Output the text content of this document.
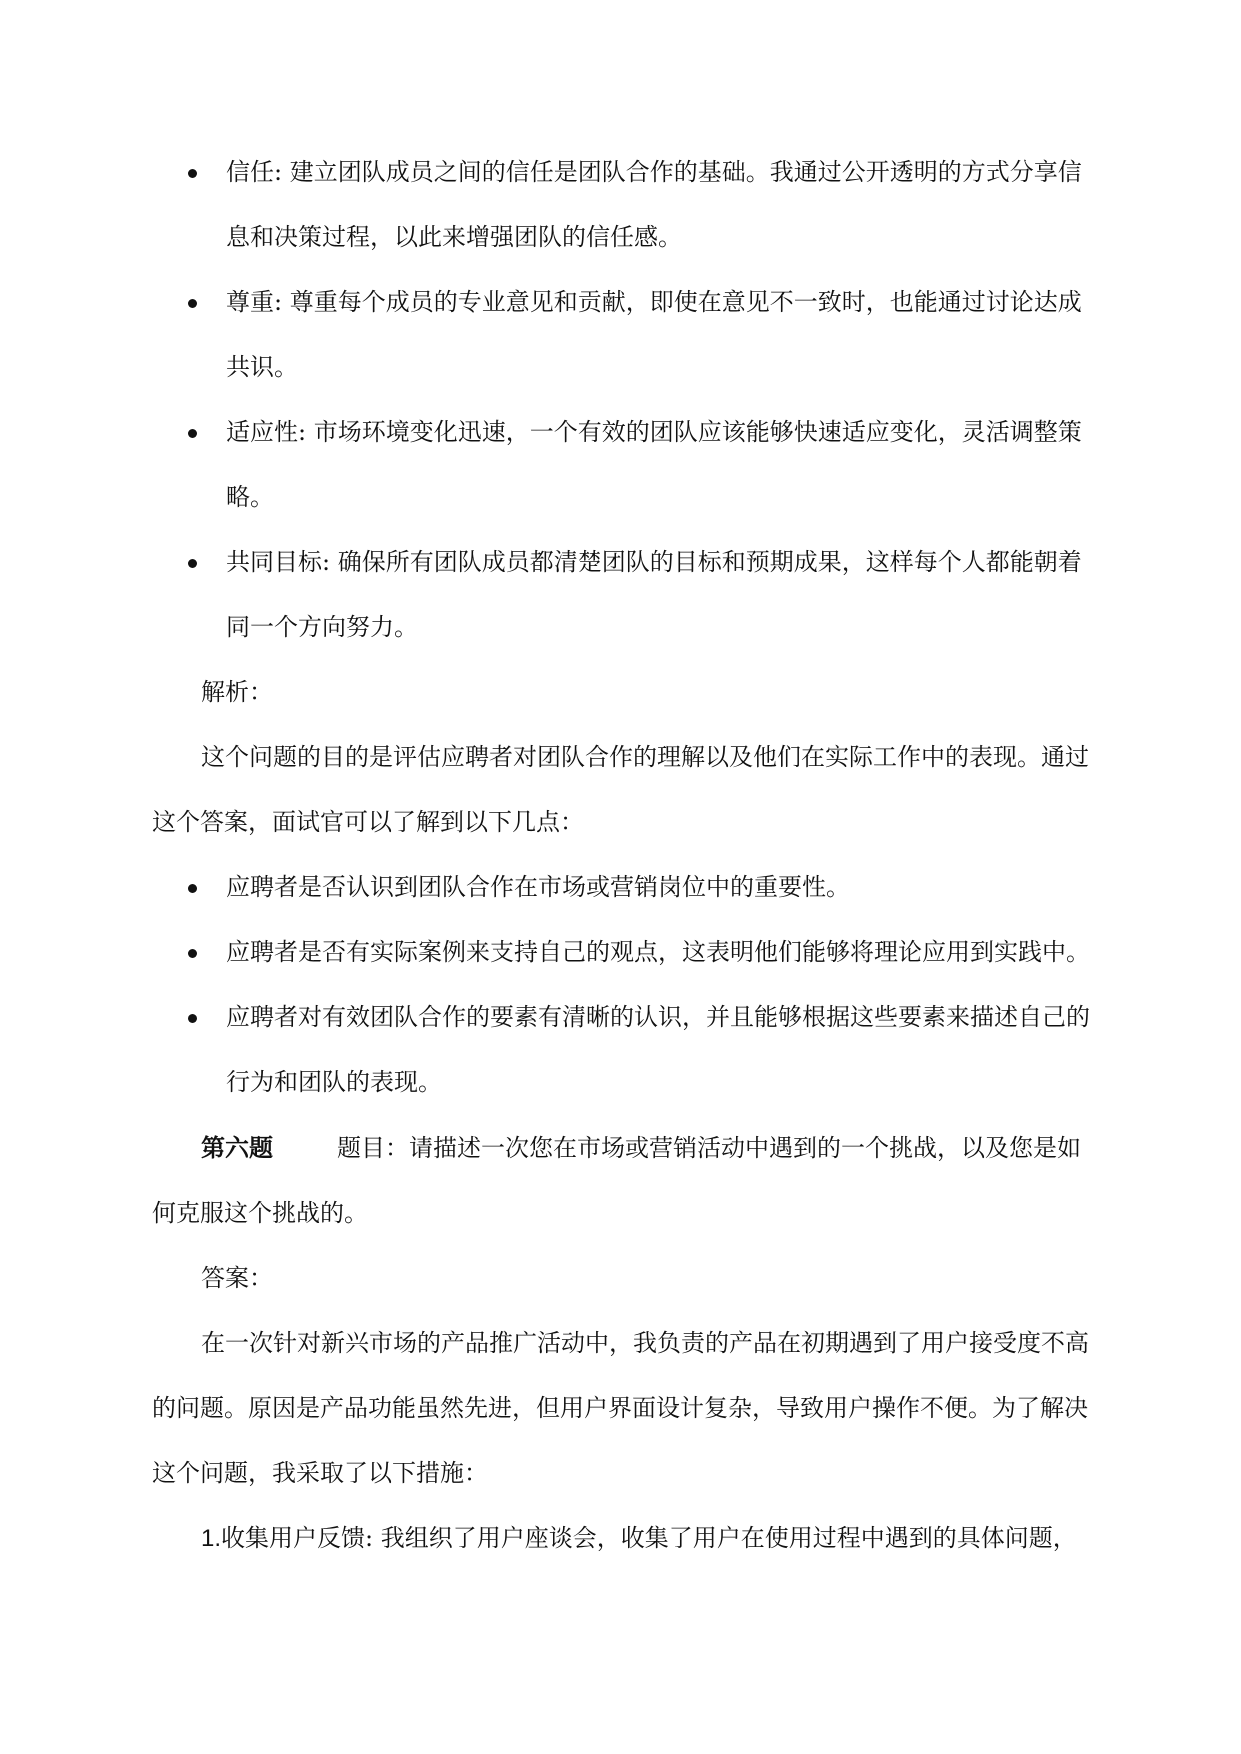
信任: 建立团队成员之间的信任是团队合作的基础。我通过公开透明的方式分享信息和决策过程，以此来增强团队的信任感。
尊重: 尊重每个成员的专业意见和贡献，即使在意见不一致时，也能通过讨论达成共识。
适应性: 市场环境变化迅速，一个有效的团队应该能够快速适应变化，灵活调整策略。
共同目标: 确保所有团队成员都清楚团队的目标和预期成果，这样每个人都能朝着同一个方向努力。
解析：
这个问题的目的是评估应聘者对团队合作的理解以及他们在实际工作中的表现。通过这个答案，面试官可以了解到以下几点：
应聘者是否认识到团队合作在市场或营销岗位中的重要性。
应聘者是否有实际案例来支持自己的观点，这表明他们能够将理论应用到实践中。
应聘者对有效团队合作的要素有清晰的认识，并且能够根据这些要素来描述自己的行为和团队的表现。
第六题	题目：请描述一次您在市场或营销活动中遇到的一个挑战，以及您是如何克服这个挑战的。
答案：
在一次针对新兴市场的产品推广活动中，我负责的产品在初期遇到了用户接受度不高的问题。原因是产品功能虽然先进，但用户界面设计复杂，导致用户操作不便。为了解决这个问题，我采取了以下措施：
1.收集用户反馈: 我组织了用户座谈会，收集了用户在使用过程中遇到的具体问题，
